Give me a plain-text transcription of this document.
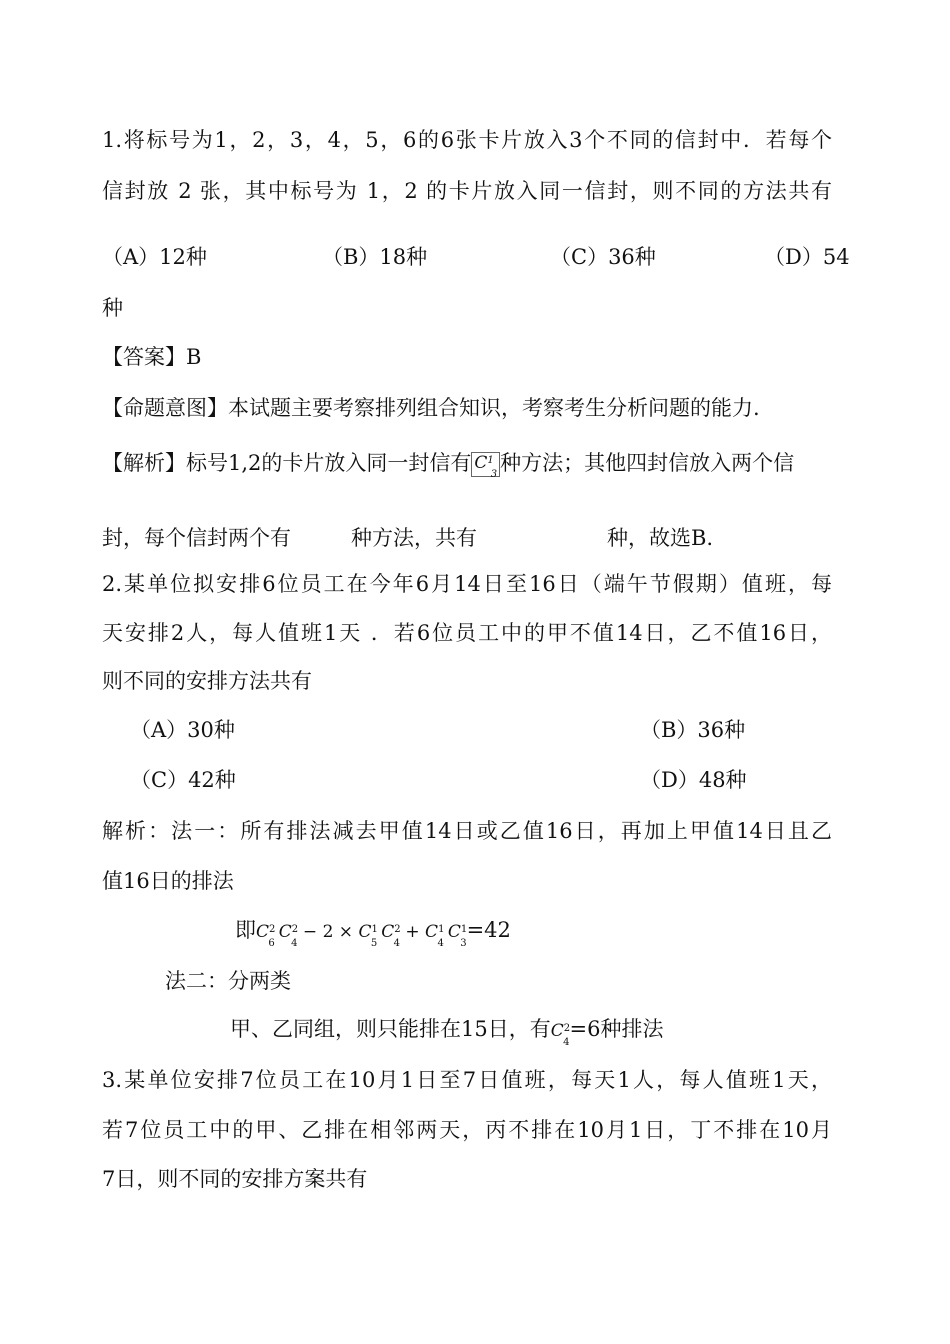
1.将标号为1，2，3，4，5，6的6张卡片放入3个不同的信封中．若每个
信封放 2 张，其中标号为 1，2 的卡片放入同一信封，则不同的方法共有
（A）12种	（B）18种	（C）36种	（D）54
种
【答案】B
【命题意图】本试题主要考察排列组合知识，考察考生分析问题的能力.
【解析】标号1,2的卡片放入同一封信有 $C^1_3$ 种方法；其他四封信放入两个信
封，每个信封两个有	种方法，共有	种，故选B.
2.某单位拟安排6位员工在今年6月14日至16日（端午节假期）值班，每
天安排2人，每人值班1天 ．若6位员工中的甲不值14日，乙不值16日，
则不同的安排方法共有
（A）30种	（B）36种
（C）42种	（D）48种
解析：法一：所有排法减去甲值14日或乙值16日，再加上甲值14日且乙
值16日的排法
即$C^2_6C^2_4 - 2 \times C^1_5C^2_4 + C^1_4C^1_3=42$
法二：分两类
甲、乙同组，则只能排在15日，有$C^2_4=6$种排法
3.某单位安排7位员工在10月1日至7日值班，每天1人，每人值班1天，
若7位员工中的甲、乙排在相邻两天，丙不排在10月1日，丁不排在10月
7日，则不同的安排方案共有
